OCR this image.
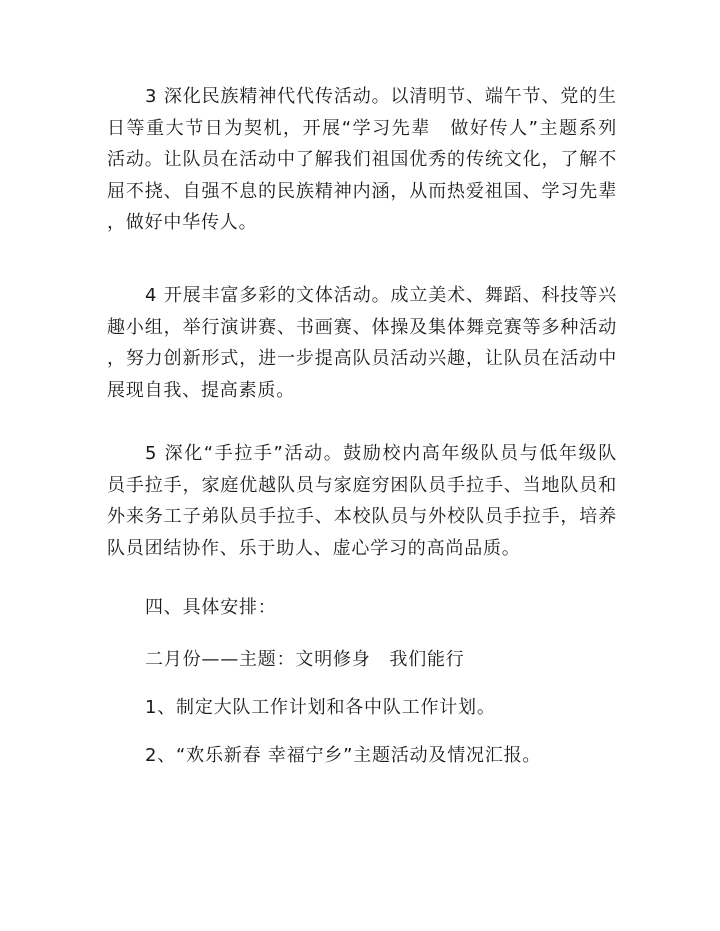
3 深化民族精神代代传活动。以清明节、端午节、党的生
日等重大节日为契机，开展“学习先辈　做好传人”主题系列
活动。让队员在活动中了解我们祖国优秀的传统文化，了解不
屈不挠、自强不息的民族精神内涵，从而热爱祖国、学习先辈
，做好中华传人。
4 开展丰富多彩的文体活动。成立美术、舞蹈、科技等兴
趣小组，举行演讲赛、书画赛、体操及集体舞竞赛等多种活动
，努力创新形式，进一步提高队员活动兴趣，让队员在活动中
展现自我、提高素质。
5 深化“手拉手”活动。鼓励校内高年级队员与低年级队
员手拉手，家庭优越队员与家庭穷困队员手拉手、当地队员和
外来务工子弟队员手拉手、本校队员与外校队员手拉手，培养
队员团结协作、乐于助人、虚心学习的高尚品质。
四、具体安排：
二月份——主题：文明修身　我们能行
1、制定大队工作计划和各中队工作计划。
2、“欢乐新春 幸福宁乡”主题活动及情况汇报。
